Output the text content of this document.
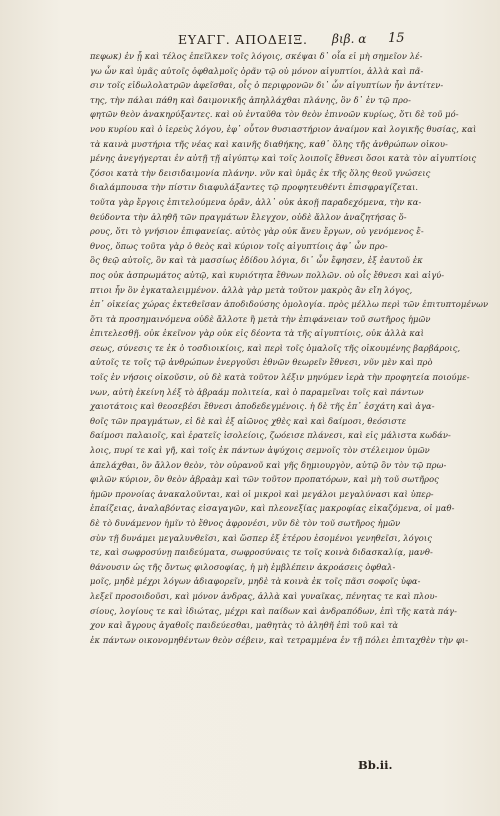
ΕΥΑΓΓ. ΑΠΟΔΕΙΞ. βιβ. α 15
πεφωκ) ἐν ᾗ καὶ τέλος ἐπεῖλκεν τοῖς λόγοις, σκέψαι δ᾽ οἷα εἰ μὴ σημεῖον λέ-
γω ὧν καὶ ὑμᾶς αὐτοῖς ὀφθαλμοῖς ὁρᾶν τῷ οὐ μόνον αἰγυπτίοι, ἀλλὰ καὶ πᾶ-
σιν τοῖς εἰδωλολατρῶν ἀφεῖσθαι, οἷς ὁ περιφρονῶν δι᾽ ὧν αἰγυπτίων ἦν ἀντίτεν-
της, τὴν πάλαι πάθη καὶ δαιμονικῆς ἀπηλλάχθαι πλάνης, ὃν δ᾽ ἐν τῷ προ-
φητῶν θεὸν ἀνακηρύξαντες. καὶ οὐ ἐνταῦθα τὸν θεὸν ἐπινοῶν κυρίως, ὅτι δὲ τοῦ μό-
νου κυρίου καὶ ὁ ἱερεὺς λόγου, ἐφ᾽ οὗτον θυσιαστήριον ἀναίμον καὶ λογικῆς θυσίας, καὶ
τὰ καινὰ μυστήρια τῆς νέας καὶ καινῆς διαθήκης, καθ᾽ ὅλης τῆς ἀνθρώπων οἰκου-
μένης ἀνεγήγερται ἐν αὐτῇ τῇ αἰγύπτῳ καὶ τοῖς λοιποῖς ἔθνεσι ὅσοι κατὰ τὸν αἰγυπτίοις
ζόσοι κατὰ τὴν δεισιδαιμονία πλάνην. νῦν καὶ ὑμᾶς ἐκ τῆς ὅλης θεοῦ γνώσεις
διαλάμπουσα τὴν πίστιν διαφυλάξαντες τῷ προφητευθέντι ἐπισφραγίζεται.
τοῦτα γὰρ ἔργοις ἐπιτελούμενα ὁρᾶν, ἀλλ᾽ οὐκ ἀκοῇ παραδεχόμενα, τὴν κα-
θεύδοντα τὴν ἀληθῆ τῶν πραγμάτων ἔλεγχον, οὐδὲ ἄλλον ἀναζητήσας ὅ-
ρους, ὅτι τὸ γνήσιον ἐπιφανείας. αὐτὸς γὰρ οὐκ ἄνευ ἔργων, οὐ γενόμενος ἔ-
θνος, ὅπως τοῦτα γὰρ ὁ θεὸς καὶ κύριον τοῖς αἰγυπτίοις ἀφ᾽ ὧν προ-
ὃς θεῷ αὐτοῖς, ὃν καὶ τὰ μασσίως ἐδίδου λόγια, δι᾽ ὧν ἔφησεν, ἐξ ἑαυτοῦ ἐκ
πος οὐκ ἀσπρωμάτος αὐτῷ, καὶ κυριότητα ἔθνων πολλῶν. οὐ οἷς ἔθνεσι καὶ αἰγύ-
πτιοι ἦν ὃν ἐγκαταλειμμένον. ἀλλὰ γὰρ μετὰ τοῦτον μακρὸς ἂν εἴη λόγος,
ἐπ᾽ οἰκείας χώρας ἐκτεθεῖσαν ἀποδιδούσης ὁμολογία. πρὸς μέλλω περὶ τῶν ἐπιτυπτομένων
ὅτι τὰ προσημαινόμενα οὐδὲ ἄλλοτε ἢ μετὰ τὴν ἐπιφάνειαν τοῦ σωτῆρος ἡμῶν
ἐπιτελεσθῇ. οὐκ ἐκεῖνον γὰρ οὐκ εἰς δέοντα τὰ τῆς αἰγυπτίοις, οὐκ ἀλλὰ καὶ
σεως, σύνεσις τε ἐκ ὁ τοσδιοικίοις, καὶ περὶ τοῖς ὁμαλοῖς τῆς οἰκουμένης βαρβάροις,
αὐτοῖς τε τοῖς τῷ ἀνθρώπων ἐνεργοῦσι ἐθνῶν θεωρεῖν ἔθνεσι, νῦν μὲν καὶ πρὸ
τοῖς ἐν νήσοις οἰκοῦσιν, οὐ δὲ κατὰ τοῦτον λέξιν μηνύμεν ἱερὰ τὴν προφητεία ποιούμε-
νων, αὐτὴ ἐκείνη λέξ τὸ ἀβραάμ πολιτεία, καὶ ὁ παραμεῖναι τοῖς καὶ πάντων
χαιοτάτοις καὶ θεοσεβέσι ἔθνεσι ἀποδεδεγμένοις. ἡ δὲ τῆς ἐπ᾽ ἐσχάτη καὶ ἀγα-
θοῖς τῶν πραγμάτων, εἰ δὲ καὶ ἐξ αἰῶνος χθὲς καὶ καὶ δαίμοσι, θεόσιστε
δαίμοσι παλαιοῖς, καὶ ἐρατεῖς ἰσολείοις, ζωόεισε πλάνεσι, καὶ εἰς μάλιστα κωδάν-
λοις, πυρί τε καὶ γῆ, καὶ τοῖς ἐκ πάντων ἀψύχοις σεμνοῖς τὸν στέλειμον ὑμῶν
ἀπελάχθαι, ὃν ἄλλον θεὸν, τὸν οὐρανοῦ καὶ γῆς δημιουργὸν, αὐτῷ ὃν τὸν τῷ πρω-
φιλῶν κύριον, ὃν θεὸν ἀβραὰμ καὶ τῶν τοῦτον προπατόρων, καὶ μὴ τοῦ σωτῆρος
ἡμῶν προνοίας ἀνακαλοῦνται, καὶ οἱ μικροὶ καὶ μεγάλοι μεγαλύνασι καὶ ὑπερ-
ἐπαίζειας, ἀναλαβόντας εἰσαγαγῶν, καὶ πλεονεξίας μακροφίας εἰκαζόμενα, οἱ μαθ-
δὲ τὸ δυνάμενον ἡμῖν τὸ ἔθνος ἀφρονέσι, νῦν δὲ τὸν τοῦ σωτῆρος ἡμῶν
σὺν τῇ δυνάμει μεγαλυνθεῖσι, καὶ ὥσπερ ἐξ ἑτέρου ἐσομένοι γενηθεῖσι, λόγοις
τε, καὶ σωφροσύνῃ παιδεύματα, σωφροσύναις τε τοῖς κοινὰ διδασκαλίᾳ, μανθ-
θάνουσιν ὡς τῆς ὄντως φιλοσοφίας, ἡ μὴ ἐμβλέπειν ἀκροάσεις ὀφθαλ-
μοῖς, μηδὲ μέχρι λόγων ἀδιαφορεῖν, μηδὲ τὰ κοινὰ ἐκ τοῖς πᾶσι σοφοῖς ὑφα-
λεξεῖ προσοιδοῦσι, καὶ μόνον ἀνδρας, ἀλλὰ καὶ γυναῖκας, πένητας τε καὶ πλου-
σίους, λογίους τε καὶ ἰδιώτας, μέχρι καὶ παίδων καὶ ἀνδραπόδων, ἐπὶ τῆς κατὰ πάγ-
χον καὶ ἄγρους ἀγαθοῖς παιδεύεσθαι, μαθητὰς τὸ ἀληθῆ ἐπὶ τοῦ καὶ τὰ
ἐκ πάντων οικονομηθέντων θεὸν σέβειν, καὶ τετραμμένα ἐν τῇ πόλει ἐπιταχθὲν τὴν φι-
Bb.ii.
